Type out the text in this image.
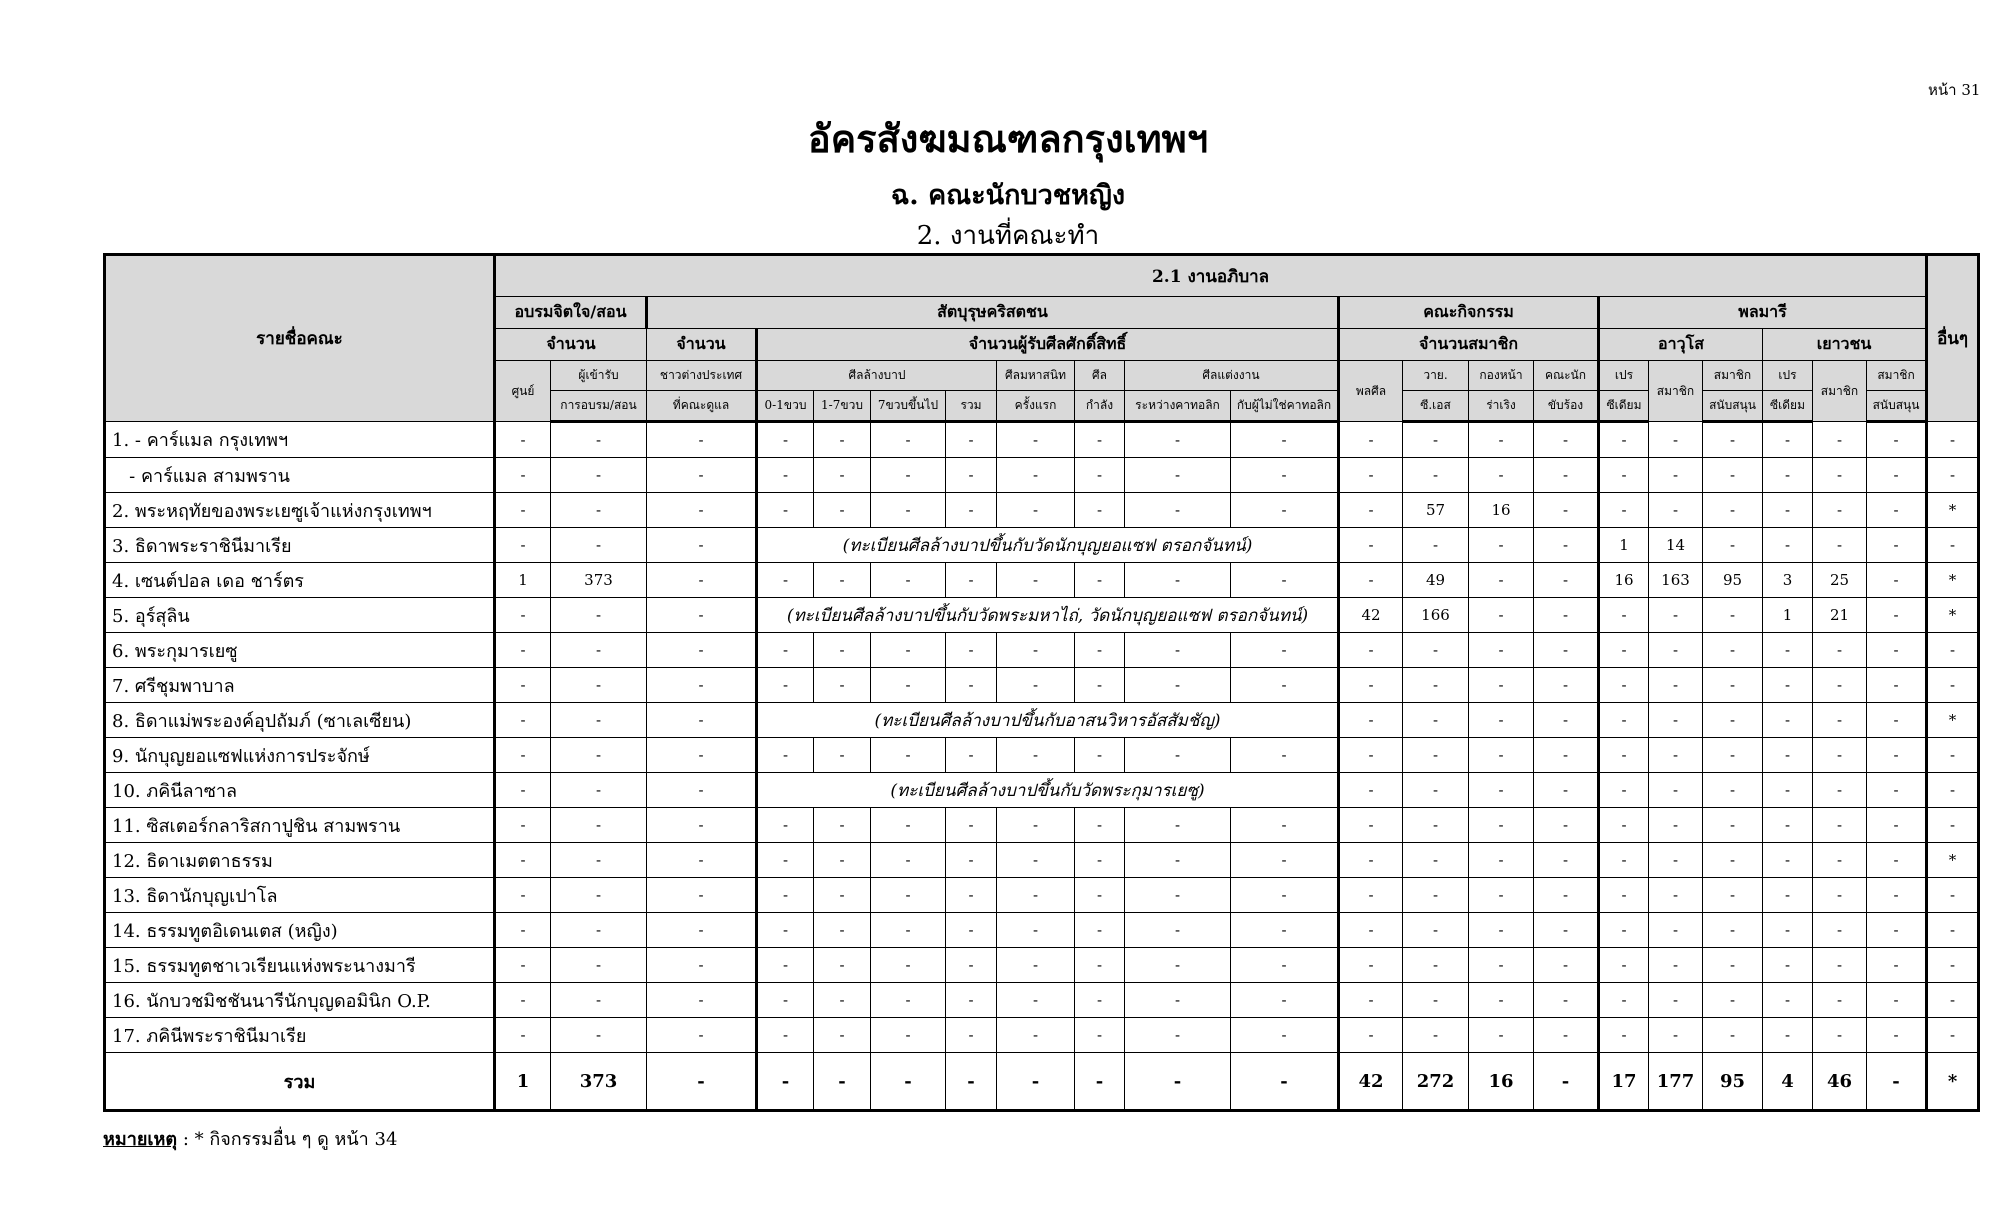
หน้า 31
อัครสังฆมณฑลกรุงเทพฯ
ฉ. คณะนักบวชหญิง
2. งานที่คณะทำ
รายชื่อคณะ	2.1 งานอภิบาล																					อื่นๆ
	อบรมจิตใจ/สอน		สัตบุรุษคริสตชน									คณะกิจกรรม				พลมารี						
	จำนวน		จำนวน	จำนวนผู้รับศีลศักดิ์สิทธิ์								จำนวนสมาชิก				อาวุโส			เยาวชน			
	ศูนย์	ผู้เข้ารับ	ชาวต่างประเทศ	ศีลล้างบาป				ศีลมหาสนิท	ศีล	ศีลแต่งงาน		พลศีล	วาย.	กองหน้า	คณะนัก	เปร	สมาชิก	สมาชิก	เปร	สมาชิก	สมาชิก	
		การอบรม/สอน	ที่คณะดูแล	0-1ขวบ	1-7ขวบ	7ขวบขึ้นไป	รวม	ครั้งแรก	กำลัง	ระหว่างคาทอลิก	กับผู้ไม่ใช่คาทอลิก		ซี.เอส	ร่าเริง	ขับร้อง	ซีเดียม		สนับสนุน	ซีเดียม		สนับสนุน	
1. - คาร์แมล กรุงเทพฯ	-	-	-	-	-	-	-	-	-	-	-	-	-	-	-	-	-	-	-	-	-	-
- คาร์แมล สามพราน	-	-	-	-	-	-	-	-	-	-	-	-	-	-	-	-	-	-	-	-	-	-
2. พระหฤทัยของพระเยซูเจ้าแห่งกรุงเทพฯ	-	-	-	-	-	-	-	-	-	-	-	-	57	16	-	-	-	-	-	-	-	*
3. ธิดาพระราชินีมาเรีย	-	-	-	(ทะเบียนศีลล้างบาปขึ้นกับวัดนักบุญยอแซฟ ตรอกจันทน์)								-	-	-	-	1	14	-	-	-	-	-
4. เซนต์ปอล เดอ ชาร์ตร	1	373	-	-	-	-	-	-	-	-	-	-	49	-	-	16	163	95	3	25	-	*
5. อุร์สุลิน	-	-	-	(ทะเบียนศีลล้างบาปขึ้นกับวัดพระมหาไถ่, วัดนักบุญยอแซฟ ตรอกจันทน์)								42	166	-	-	-	-	-	1	21	-	*
6. พระกุมารเยซู	-	-	-	-	-	-	-	-	-	-	-	-	-	-	-	-	-	-	-	-	-	-
7. ศรีชุมพาบาล	-	-	-	-	-	-	-	-	-	-	-	-	-	-	-	-	-	-	-	-	-	-
8. ธิดาแม่พระองค์อุปถัมภ์ (ซาเลเซียน)	-	-	-	(ทะเบียนศีลล้างบาปขึ้นกับอาสนวิหารอัสสัมชัญ)								-	-	-	-	-	-	-	-	-	-	*
9. นักบุญยอแซฟแห่งการประจักษ์	-	-	-	-	-	-	-	-	-	-	-	-	-	-	-	-	-	-	-	-	-	-
10. ภคินีลาซาล	-	-	-	(ทะเบียนศีลล้างบาปขึ้นกับวัดพระกุมารเยซู)								-	-	-	-	-	-	-	-	-	-	-
11. ซิสเตอร์กลาริสกาปูชิน สามพราน	-	-	-	-	-	-	-	-	-	-	-	-	-	-	-	-	-	-	-	-	-	-
12. ธิดาเมตตาธรรม	-	-	-	-	-	-	-	-	-	-	-	-	-	-	-	-	-	-	-	-	-	*
13. ธิดานักบุญเปาโล	-	-	-	-	-	-	-	-	-	-	-	-	-	-	-	-	-	-	-	-	-	-
14. ธรรมทูตอิเดนเตส (หญิง)	-	-	-	-	-	-	-	-	-	-	-	-	-	-	-	-	-	-	-	-	-	-
15. ธรรมทูตชาเวเรียนแห่งพระนางมารี	-	-	-	-	-	-	-	-	-	-	-	-	-	-	-	-	-	-	-	-	-	-
16. นักบวชมิชชันนารีนักบุญดอมินิก O.P.	-	-	-	-	-	-	-	-	-	-	-	-	-	-	-	-	-	-	-	-	-	-
17. ภคินีพระราชินีมาเรีย	-	-	-	-	-	-	-	-	-	-	-	-	-	-	-	-	-	-	-	-	-	-
รวม	1	373	-	-	-	-	-	-	-	-	-	42	272	16	-	17	177	95	4	46	-	*
หมายเหตุ : * กิจกรรมอื่น ๆ ดู หน้า 34
